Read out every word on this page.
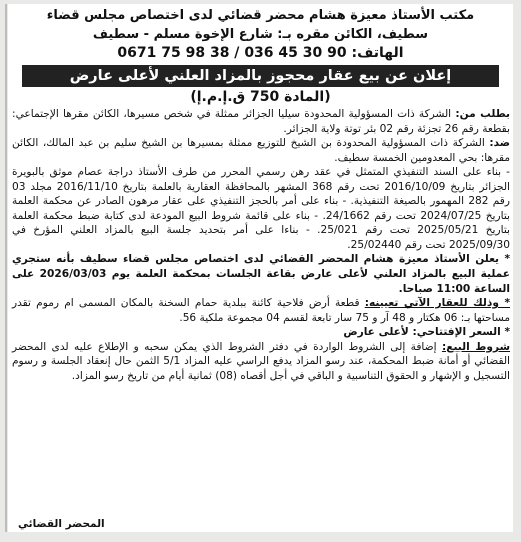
مكتب الأستاذ معيزة هشام محضر قضائي لدى اختصاص مجلس قضاء
سطيف، الكائن مقره بـ: شارع الإخوة مسلم - سطيف
الهاتف: 90 30 45 036 / 38 98 75 0671
إعلان عن بيع عقار محجوز بالمزاد العلني لأعلى عارض
(المادة 750 ق.إ.م.إ)

بطلب من: الشركة ذات المسؤولية المحدودة سيليا الجزائر ممثلة في شخص مسيرها، الكائن مقرها الإجتماعي: بقطعة رقم 26 تجزئة رقم 02 بئر توتة ولاية الجزائر.

ضد: الشركة ذات المسؤولية المحدودة بن الشيخ للتوزيع ممثلة بمسيرها بن الشيخ سليم بن عبد المالك، الكائن مقرها: بحي المعدومين الخمسة سطيف.

- بناء على السند التنفيذي المتمثل في عقد رهن رسمي المحرر من طرف الأستاذ دراجة عصام موثق بالبويرة الجزائر بتاريخ 2016/10/09 تحت رقم 368 المشهر بالمحافظة العقارية بالعلمة بتاريخ 2016/11/10 مجلد 03 رقم 282 المهمور بالصيغة التنفيذية. - بناء على أمر بالحجز التنفيذي على عقار مرهون الصادر عن محكمة العلمة بتاريخ 2024/07/25 تحت رقم 24/1662. - بناء على قائمة شروط البيع المودعة لدى كتابة ضبط محكمة العلمة بتاريخ 2025/05/21 تحت رقم 25/021. - بناءا على أمر بتحديد جلسة البيع بالمزاد العلني المؤرخ في 2025/09/30 تحت رقم 25/02440.

* يعلن الأستاذ معيزة هشام المحضر القضائي لدى اختصاص مجلس قضاء سطيف بأنه ستجري عملية البيع بالمزاد العلني لأعلى عارض بقاعة الجلسات بمحكمة العلمة يوم 2026/03/03 على الساعة 11:00 صباحا.

* وذلك للعقار الآتي تعيينه: قطعة أرض فلاحية كائنة ببلدية حمام السخنة بالمكان المسمى ام رموم تقدر مساحتها بـ: 06 هكتار و 48 آر و 75 سار تابعة لقسم 04 مجموعة ملكية 56.

* السعر الإفتتاحي: لأعلى عارض

شروط البيع: إضافة إلى الشروط الواردة في دفتر الشروط الذي يمكن سحبه و الإطلاع عليه لدى المحضر القضائي أو أمانة ضبط المحكمة، عند رسو المزاد يدفع الراسي عليه المزاد 5/1 الثمن حال إنعقاد الجلسة و رسوم التسجيل و الإشهار و الحقوق التناسبية و الباقي في أجل أقصاه (08) ثمانية أيام من تاريخ رسو المزاد.

المحضر القضائي
